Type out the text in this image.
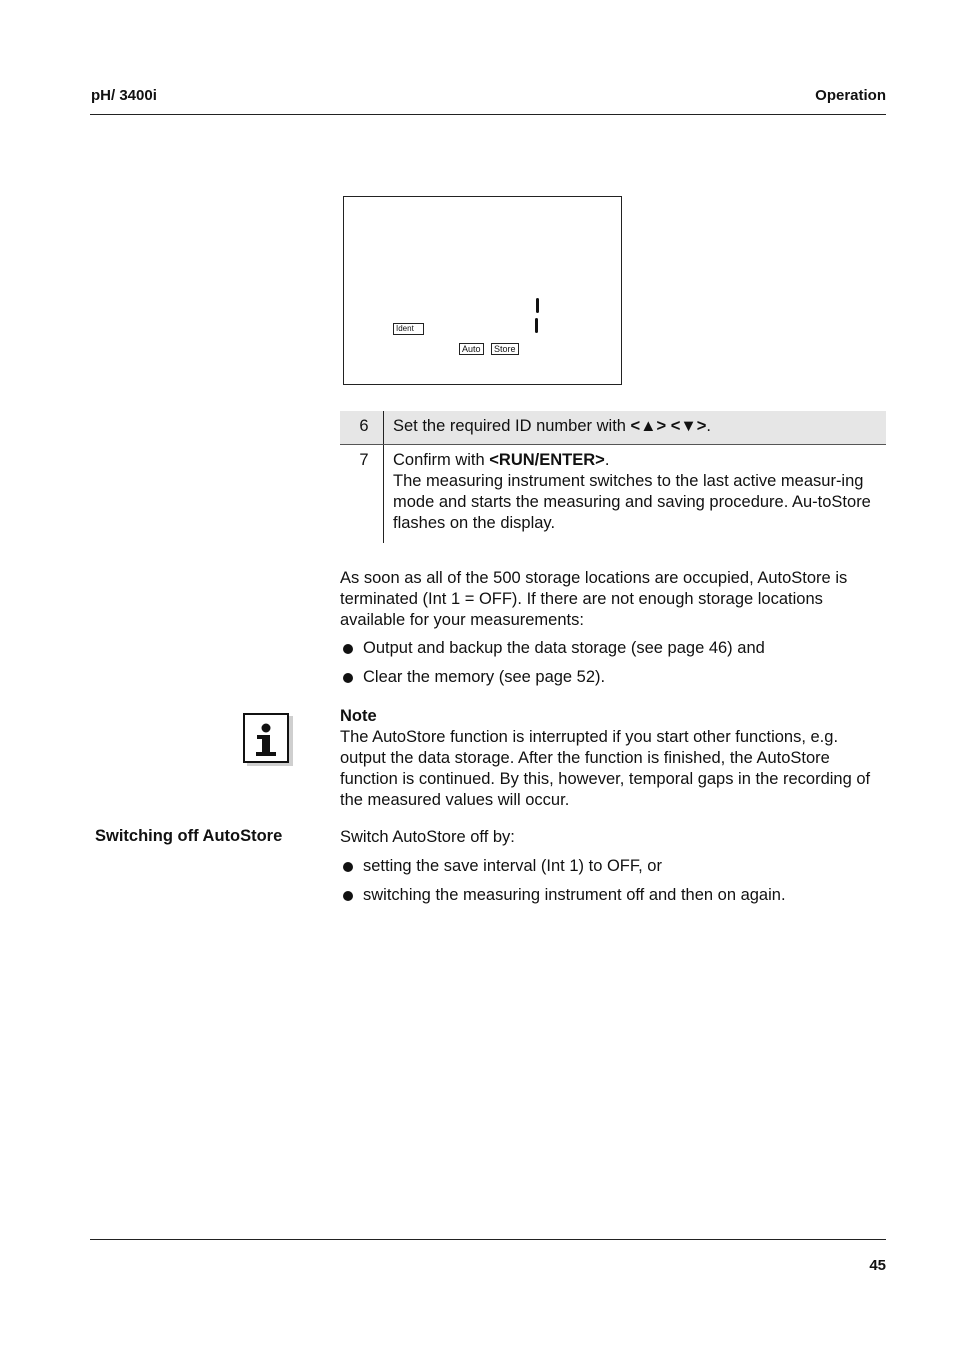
pH/ 3400i	Operation
Ident
Auto	Store
6	Set the required ID number with <▲> <▼>.
7	Confirm with <RUN/ENTER>.
The measuring instrument switches to the last active measur-ing mode and starts the measuring and saving procedure. Au-toStore flashes on the display.
As soon as all of the 500 storage locations are occupied, AutoStore is terminated (Int 1 = OFF). If there are not enough storage locations available for your measurements:
Output and backup the data storage (see page 46) and
Clear the memory (see page 52).
Note
The AutoStore function is interrupted if you start other functions, e.g. output the data storage. After the function is finished, the AutoStore function is continued. By this, however, temporal gaps in the recording of the measured values will occur.
Switching off AutoStore	Switch AutoStore off by:
setting the save interval (Int 1) to OFF, or
switching the measuring instrument off and then on again.
45
